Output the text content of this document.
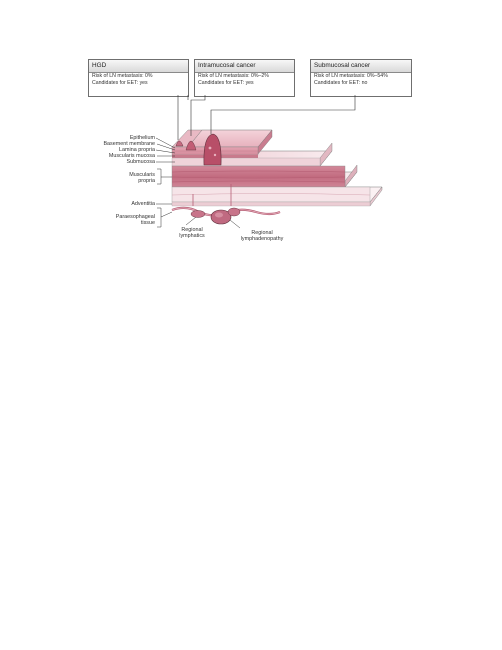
HGD
Risk of LN metastasis: 0%
Candidates for EET: yes
Intramucosal cancer
Risk of LN metastasis: 0%–2%
Candidates for EET: yes
Submucosal cancer
Risk of LN metastasis: 0%–54%
Candidates for EET: no
Epithelium
Basement membrane
Lamina propria
Muscularis mucosa
Submucosa
Muscularis
propria
Adventitia
Paraesophageal
tissue
Regional
lymphatics
Regional
lymphadenopathy
